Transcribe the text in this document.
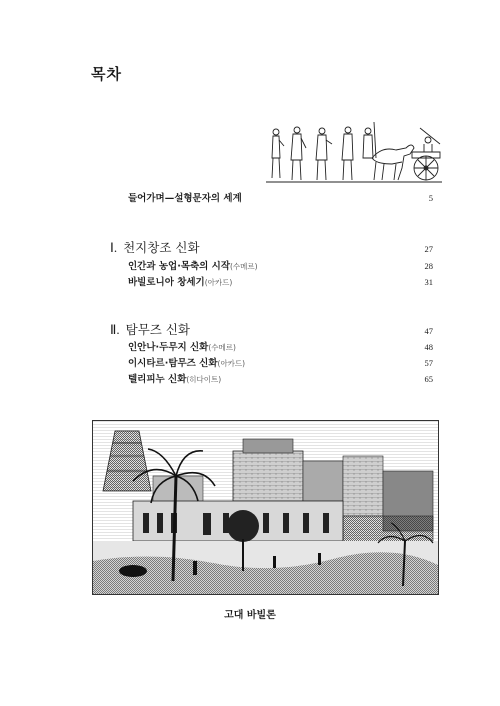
목차
들어가며—설형문자의 세계	5
Ⅰ. 천지창조 신화	27
인간과 농업·목축의 시작(수메르)	28
바빌로니아 창세기(아카드)	31
Ⅱ. 탐무즈 신화	47
인안나·두무지 신화(수메르)	48
이시타르·탐무즈 신화(아카드)	57
텔리피누 신화(히다이트)	65
고대 바빌론
